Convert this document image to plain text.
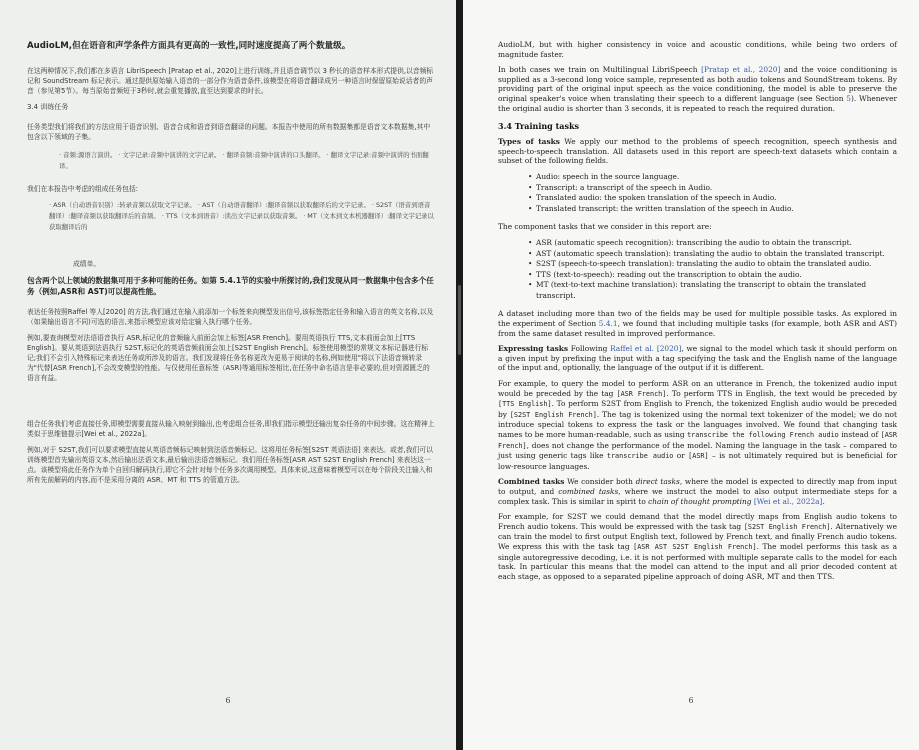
AudioLM,但在语音和声学条件方面具有更高的一致性,同时速度提高了两个数量级。

在这两种情况下,我们都在多语言 LibriSpeech [Pratap et al., 2020]上进行训练,并且语音调节以 3 秒长的语音样本形式提供,以音频标记和 SoundStream 标记表示。通过提供原始输入语音的一部分作为语音条件,该模型在将语音翻译成另一种语言时保留原始说话者的声音（参见第5节）。每当原始音频短于3秒时,就会重复播放,直至达到要求的时长。

3.4 训练任务

任务类型我们将我们的方法应用于语音识别、语音合成和语音到语音翻译的问题。本报告中使用的所有数据集都是语音文本数据集,其中包含以下领域的子集。

· 音频:源语言演讲。 · 文字记录:音频中演讲的文字记录。 · 翻译音频:音频中演讲的口头翻译。 · 翻译文字记录:音频中演讲的书面翻译。

我们在本报告中考虑的组成任务包括:

· ASR（自动语音识别）:转录音频以获取文字记录。 · AST（自动语音翻译）:翻译音频以获取翻译后的文字记录。 · S2ST（语音到语音翻译）:翻译音频以获取翻译后的音频。 · TTS（文本到语音）:读出文字记录以获取音频。 · MT（文本到文本机器翻译）:翻译文字记录以获取翻译后的

成绩单。

包含两个以上领域的数据集可用于多种可能的任务。如第 5.4.1节的实验中所探讨的,我们发现从同一数据集中包含多个任务（例如,ASR和 AST)可以提高性能。

表达任务按照Raffel 等人[2020] 的方法,我们通过在输入前添加一个标签来向模型发出信号,该标签指定任务和输入语言的英文名称,以及（如果输出语言不同)可选的语言,来指示模型应该对给定输入执行哪个任务。

例如,要查询模型对法语语音执行 ASR,标记化的音频输入前面会加上标签[ASR French]。要用英语执行 TTS,文本前面会加上[TTS English]。要从英语到法语执行 S2ST,标记化的英语音频前面会加上[S2ST English French]。标签使用模型的常规文本标记器进行标记;我们不会引入特殊标记来表达任务或所涉及的语言。我们发现将任务名称更改为更易于阅读的名称,例如使用"将以下法语音频转录为"代替[ASR French],不会改变模型的性能。与仅使用任意标签（ASR)等通用标签相比,在任务中命名语言是非必要的,但对资源匮乏的语言有益。

组合任务我们考虑直接任务,即模型需要直接从输入映射到输出,也考虑组合任务,即我们指示模型还输出复杂任务的中间步骤。这在精神上类似于思维链提示[Wei et al., 2022a]。

例如,对于 S2ST,我们可以要求模型直接从英语音频标记映射到法语音频标记。这将用任务标签[S2ST 英语法语] 来表达。或者,我们可以训练模型首先输出英语文本,然后输出法语文本,最后输出法语音频标记。我们用任务标签[ASR AST S2ST English French] 来表达这一点。该模型将此任务作为单个自回归解码执行,即它不会针对每个任务多次调用模型。具体来说,这意味着模型可以在每个阶段关注输入和所有先前解码的内容,而不是采用分离的 ASR、MT 和 TTS 的管道方法。

6

AudioLM, but with higher consistency in voice and acoustic conditions, while being two orders of magnitude faster.

In both cases we train on Multilingual LibriSpeech [Pratap et al., 2020] and the voice conditioning is supplied as a 3-second long voice sample, represented as both audio tokens and SoundStream tokens. By providing part of the original input speech as the voice conditioning, the model is able to preserve the original speaker's voice when translating their speech to a different language (see Section 5). Whenever the original audio is shorter than 3 seconds, it is repeated to reach the required duration.

3.4 Training tasks

Types of tasks We apply our method to the problems of speech recognition, speech synthesis and speech-to-speech translation. All datasets used in this report are speech-text datasets which contain a subset of the following fields.

• Audio: speech in the source language.
• Transcript: a transcript of the speech in Audio.
• Translated audio: the spoken translation of the speech in Audio.
• Translated transcript: the written translation of the speech in Audio.

The component tasks that we consider in this report are:

• ASR (automatic speech recognition): transcribing the audio to obtain the transcript.
• AST (automatic speech translation): translating the audio to obtain the translated transcript.
• S2ST (speech-to-speech translation): translating the audio to obtain the translated audio.
• TTS (text-to-speech): reading out the transcription to obtain the audio.
• MT (text-to-text machine translation): translating the transcript to obtain the translated transcript.

A dataset including more than two of the fields may be used for multiple possible tasks. As explored in the experiment of Section 5.4.1, we found that including multiple tasks (for example, both ASR and AST) from the same dataset resulted in improved performance.

Expressing tasks Following Raffel et al. [2020], we signal to the model which task it should perform on a given input by prefixing the input with a tag specifying the task and the English name of the language of the input and, optionally, the language of the output if it is different.

For example, to query the model to perform ASR on an utterance in French, the tokenized audio input would be preceded by the tag [ASR French]. To perform TTS in English, the text would be preceded by [TTS English]. To perform S2ST from English to French, the tokenized English audio would be preceded by [S2ST English French]. The tag is tokenized using the normal text tokenizer of the model; we do not introduce special tokens to express the task or the languages involved. We found that changing task names to be more human-readable, such as using transcribe the following French audio instead of [ASR French], does not change the performance of the model. Naming the language in the task – compared to just using generic tags like transcribe audio or [ASR] – is not ultimately required but is beneficial for low-resource languages.

Combined tasks We consider both direct tasks, where the model is expected to directly map from input to output, and combined tasks, where we instruct the model to also output intermediate steps for a complex task. This is similar in spirit to chain of thought prompting [Wei et al., 2022a].

For example, for S2ST we could demand that the model directly maps from English audio tokens to French audio tokens. This would be expressed with the task tag [S2ST English French]. Alternatively we can train the model to first output English text, followed by French text, and finally French audio tokens. We express this with the task tag [ASR AST S2ST English French]. The model performs this task as a single autoregressive decoding, i.e. it is not performed with multiple separate calls to the model for each task. In particular this means that the model can attend to the input and all prior decoded content at each stage, as opposed to a separated pipeline approach of doing ASR, MT and then TTS.

6
